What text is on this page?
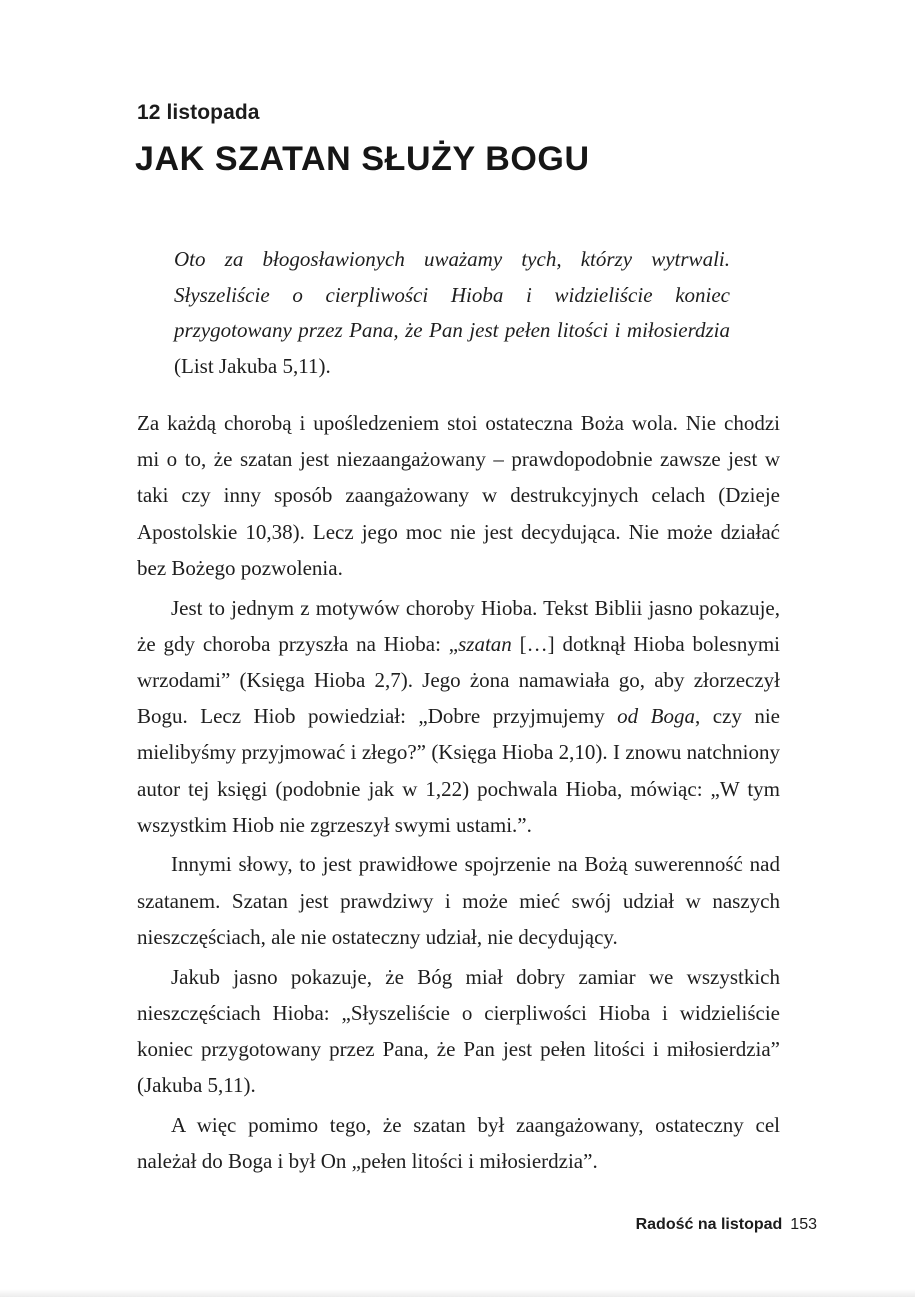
12 listopada
JAK SZATAN SŁUŻY BOGU

Oto za błogosławionych uważamy tych, którzy wytrwali. Słyszeliście o cierpliwości Hioba i widzieliście koniec przygotowany przez Pana, że Pan jest pełen litości i miłosierdzia (List Jakuba 5,11).

Za każdą chorobą i upośledzeniem stoi ostateczna Boża wola. Nie chodzi mi o to, że szatan jest niezaangażowany – prawdopodobnie zawsze jest w taki czy inny sposób zaangażowany w destrukcyjnych celach (Dzieje Apostolskie 10,38). Lecz jego moc nie jest decydująca. Nie może działać bez Bożego pozwolenia.

Jest to jednym z motywów choroby Hioba. Tekst Biblii jasno pokazuje, że gdy choroba przyszła na Hioba: „szatan […] dotknął Hioba bolesnymi wrzodami” (Księga Hioba 2,7). Jego żona namawiała go, aby złorzeczył Bogu. Lecz Hiob powiedział: „Dobre przyjmujemy od Boga, czy nie mielibyśmy przyjmować i złego?” (Księga Hioba 2,10). I znowu natchniony autor tej księgi (podobnie jak w 1,22) pochwala Hioba, mówiąc: „W tym wszystkim Hiob nie zgrzeszył swymi ustami.”.

Innymi słowy, to jest prawidłowe spojrzenie na Bożą suwerenność nad szatanem. Szatan jest prawdziwy i może mieć swój udział w naszych nieszczęściach, ale nie ostateczny udział, nie decydujący.

Jakub jasno pokazuje, że Bóg miał dobry zamiar we wszystkich nieszczęściach Hioba: „Słyszeliście o cierpliwości Hioba i widzieliście koniec przygotowany przez Pana, że Pan jest pełen litości i miłosierdzia” (Jakuba 5,11).

A więc pomimo tego, że szatan był zaangażowany, ostateczny cel należał do Boga i był On „pełen litości i miłosierdzia”.

Radość na listopad 153
